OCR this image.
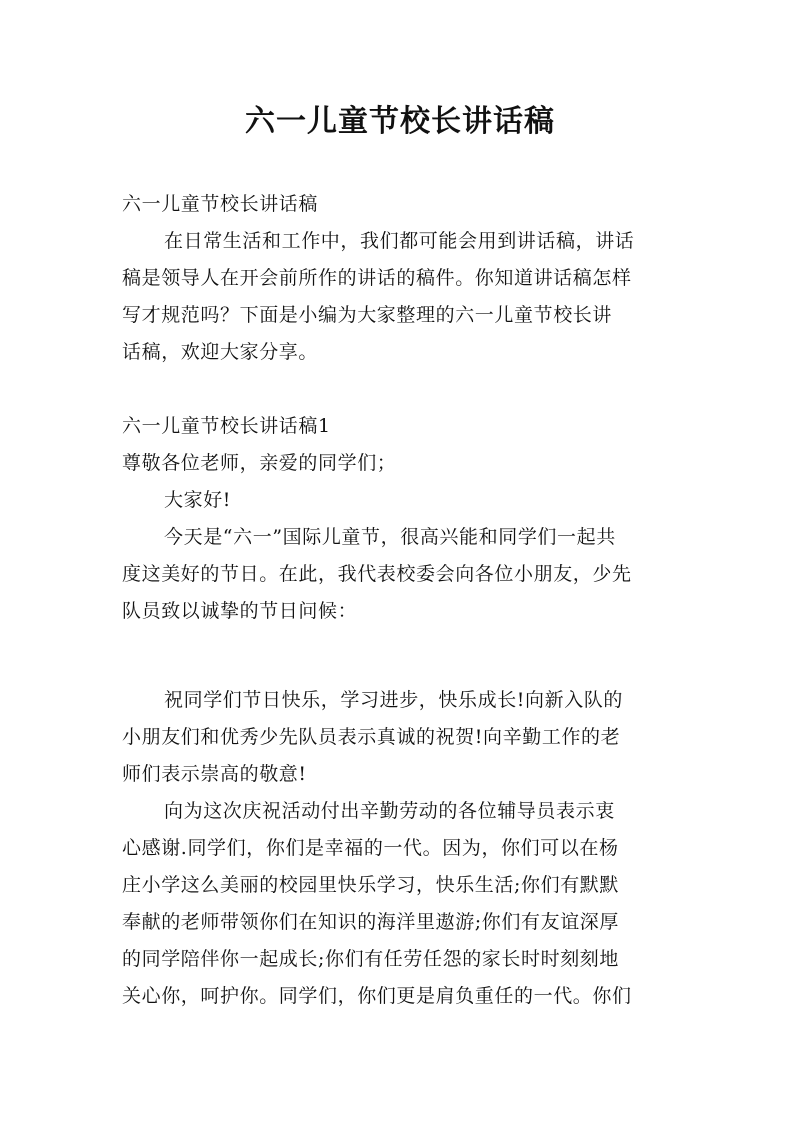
六一儿童节校长讲话稿

六一儿童节校长讲话稿

在日常生活和工作中，我们都可能会用到讲话稿，讲话

稿是领导人在开会前所作的讲话的稿件。你知道讲话稿怎样

写才规范吗？下面是小编为大家整理的六一儿童节校长讲

话稿，欢迎大家分享。

六一儿童节校长讲话稿1

尊敬各位老师，亲爱的同学们；

大家好!

今天是“六一”国际儿童节，很高兴能和同学们一起共

度这美好的节日。在此，我代表校委会向各位小朋友，少先

队员致以诚挚的节日问候：

祝同学们节日快乐，学习进步，快乐成长!向新入队的

小朋友们和优秀少先队员表示真诚的祝贺!向辛勤工作的老

师们表示崇高的敬意!

向为这次庆祝活动付出辛勤劳动的各位辅导员表示衷

心感谢.同学们，你们是幸福的一代。因为，你们可以在杨

庄小学这么美丽的校园里快乐学习，快乐生活;你们有默默

奉献的老师带领你们在知识的海洋里遨游;你们有友谊深厚

的同学陪伴你一起成长;你们有任劳任怨的家长时时刻刻地

关心你，呵护你。同学们，你们更是肩负重任的一代。你们
